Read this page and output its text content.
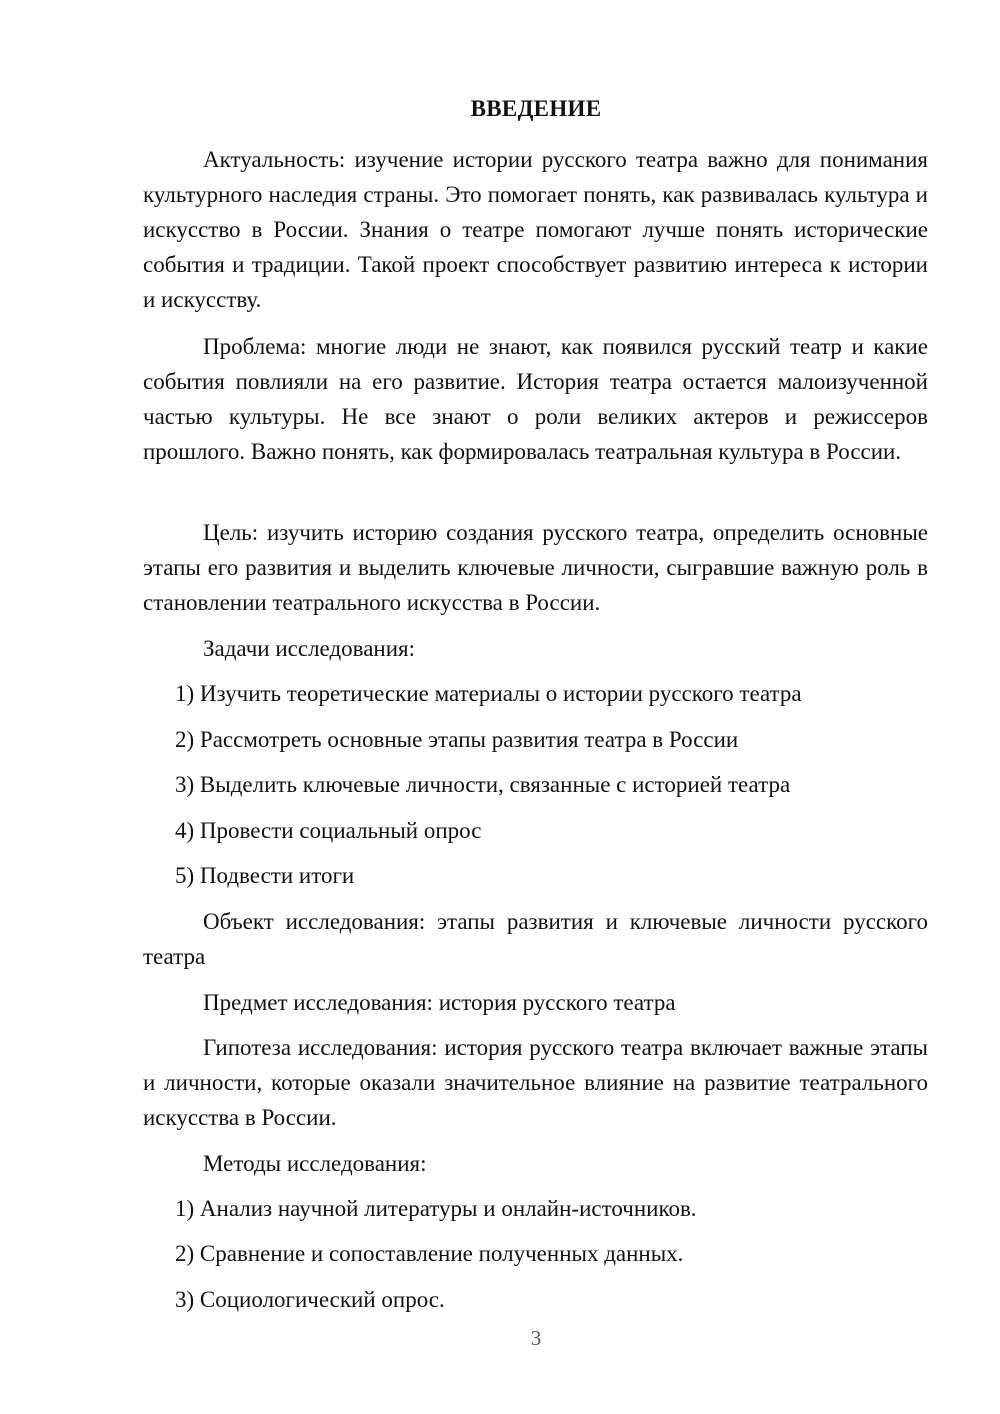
ВВЕДЕНИЕ
Актуальность: изучение истории русского театра важно для понимания культурного наследия страны. Это помогает понять, как развивалась культура и искусство в России. Знания о театре помогают лучше понять исторические события и традиции. Такой проект способствует развитию интереса к истории и искусству.
Проблема: многие люди не знают, как появился русский театр и какие события повлияли на его развитие. История театра остается малоизученной частью культуры. Не все знают о роли великих актеров и режиссеров прошлого. Важно понять, как формировалась театральная культура в России.
Цель: изучить историю создания русского театра, определить основные этапы его развития и выделить ключевые личности, сыгравшие важную роль в становлении театрального искусства в России.
Задачи исследования:
1) Изучить теоретические материалы о истории русского театра
2) Рассмотреть основные этапы развития театра в России
3) Выделить ключевые личности, связанные с историей театра
4) Провести социальный опрос
5) Подвести итоги
Объект исследования: этапы развития и ключевые личности русского театра
Предмет исследования: история русского театра
Гипотеза исследования: история русского театра включает важные этапы и личности, которые оказали значительное влияние на развитие театрального искусства в России.
Методы исследования:
1) Анализ научной литературы и онлайн-источников.
2) Сравнение и сопоставление полученных данных.
3) Социологический опрос.
3
